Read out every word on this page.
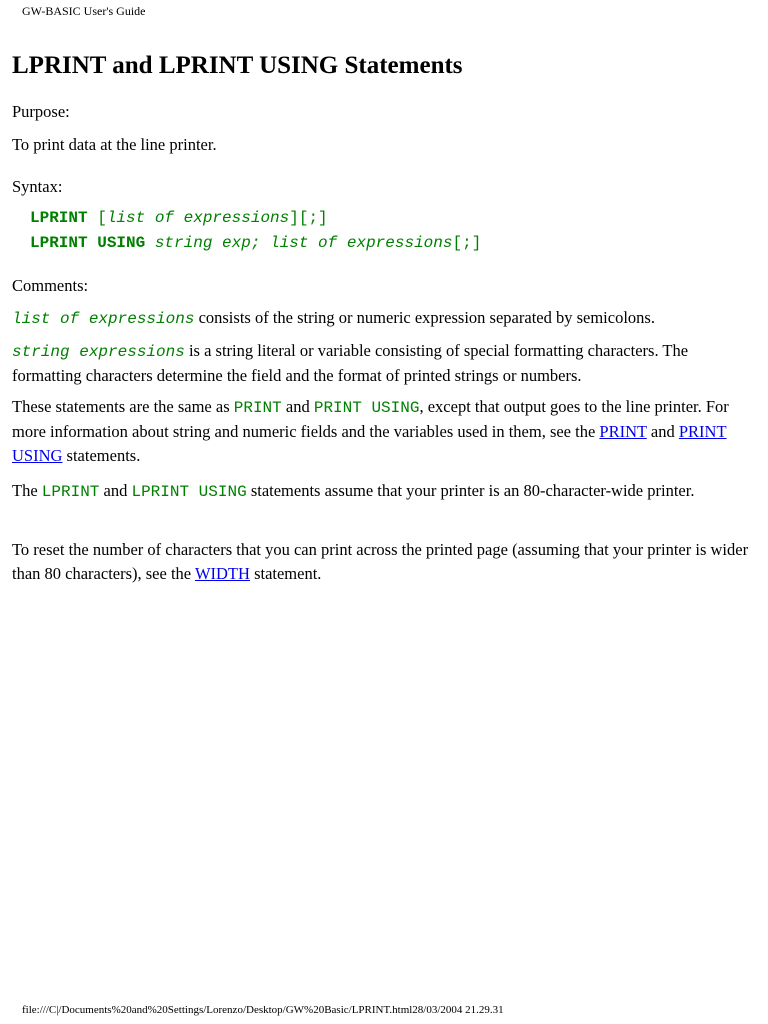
GW-BASIC User's Guide
LPRINT and LPRINT USING Statements

Purpose:

To print data at the line printer.

Syntax:

LPRINT [list of expressions][;]
LPRINT USING string exp; list of expressions[;]

Comments:

list of expressions consists of the string or numeric expression separated by semicolons.

string expressions is a string literal or variable consisting of special formatting characters. The formatting characters determine the field and the format of printed strings or numbers.

These statements are the same as PRINT and PRINT USING, except that output goes to the line printer. For more information about string and numeric fields and the variables used in them, see the PRINT and PRINT USING statements.

The LPRINT and LPRINT USING statements assume that your printer is an 80-character-wide printer.

To reset the number of characters that you can print across the printed page (assuming that your printer is wider than 80 characters), see the WIDTH statement.

file:///C|/Documents%20and%20Settings/Lorenzo/Desktop/GW%20Basic/LPRINT.html28/03/2004 21.29.31
